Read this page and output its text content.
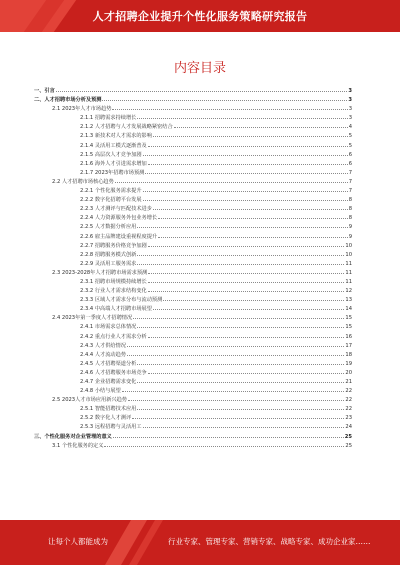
人才招聘企业提升个性化服务策略研究报告
内容目录
一、引言	3
二、人才招聘市场分析及预测	3
2.1 2023年人才市场趋势	3
2.1.1 招聘需求持续增长	3
2.1.2 人才招聘与人才发展战略紧密结合	4
2.1.3 新技术对人才需求的影响	5
2.1.4 灵活用工模式逐渐普及	5
2.1.5 高层次人才竞争加剧	6
2.1.6 海外人才引进需求增加	6
2.1.7 2023年招聘市场预测	7
2.2 人才招聘市场核心趋势	7
2.2.1 个性化服务需求提升	7
2.2.2 数字化招聘平台发展	8
2.2.3 人才测评与匹配技术进步	8
2.2.4 人力资源服务外包业务增长	8
2.2.5 人才数据分析应用	9
2.2.6 雇主品牌建设重视程度提升	9
2.2.7 招聘服务价格竞争加剧	10
2.2.8 招聘服务模式创新	10
2.2.9 灵活用工服务需求	11
2.3 2023-2028年人才招聘市场需求预测	11
2.3.1 招聘市场规模持续增长	11
2.3.2 行业人才需求结构变化	12
2.3.3 区域人才需求分布与流动预测	13
2.3.4 中高端人才招聘市场展望	14
2.4 2023年第一季度人才招聘情况	15
2.4.1 市场需求总体情况	15
2.4.2 重点行业人才需求分析	16
2.4.3 人才供给情况	17
2.4.4 人才流动趋势	18
2.4.5 人才招聘渠道分析	19
2.4.6 人才招聘服务市场竞争	20
2.4.7 企业招聘需求变化	21
2.4.8 小结与展望	22
2.5 2023人才市场应用新兴趋势	22
2.5.1 智能招聘技术应用	22
2.5.2 数字化人才测评	23
2.5.3 远程招聘与灵活用工	24
三、个性化服务对企业管理的意义	25
3.1 个性化服务的定义	25
让每个人都能成为	行业专家、管理专家、营销专家、战略专家、成功企业家……
